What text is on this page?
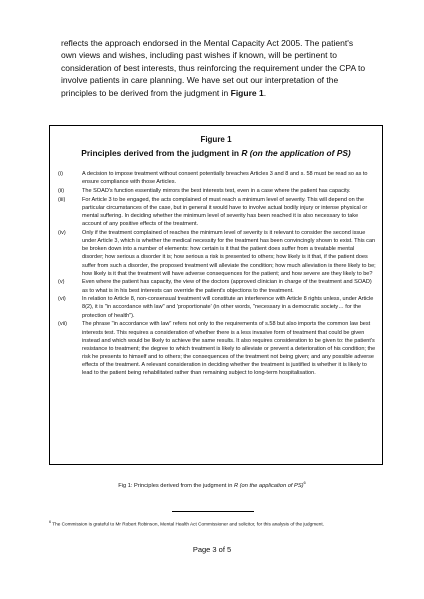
reflects the approach endorsed in the Mental Capacity Act 2005. The patient's
own views and wishes, including past wishes if known, will be pertinent to
consideration of best interests, thus reinforcing the requirement under the CPA to
involve patients in care planning. We have set out our interpretation of the
principles to be derived from the judgment in Figure 1.

Figure 1
Principles derived from the judgment in R (on the application of PS)
(i)	A decision to impose treatment without consent potentially breaches Articles 3 and 8 and s. 58 must be read so as to ensure compliance with those Articles.
(ii)	The SOAD's function essentially mirrors the best interests test, even in a case where the patient has capacity.
(iii)	For Article 3 to be engaged, the acts complained of must reach a minimum level of severity. This will depend on the particular circumstances of the case, but in general it would have to involve actual bodily injury or intense physical or mental suffering. In deciding whether the minimum level of severity has been reached it is also necessary to take account of any positive effects of the treatment.
(iv)	Only if the treatment complained of reaches the minimum level of severity is it relevant to consider the second issue under Article 3, which is whether the medical necessity for the treatment has been convincingly shown to exist. This can be broken down into a number of elements: how certain is it that the patient does suffer from a treatable mental disorder; how serious a disorder it is; how serious a risk is presented to others; how likely is it that, if the patient does suffer from such a disorder, the proposed treatment will alleviate the condition; how much alleviation is there likely to be; how likely is it that the treatment will have adverse consequences for the patient; and how severe are they likely to be?
(v)	Even where the patient has capacity, the view of the doctors (approved clinician in charge of the treatment and SOAD) as to what is in his best interests can override the patient's objections to the treatment.
(vi)	In relation to Article 8, non-consensual treatment will constitute an interference with Article 8 rights unless, under Article 8(2), it is "in accordance with law" and 'proportionate' (in other words, "necessary in a democratic society… for the protection of health").
(vii)	The phrase "in accordance with law" refers not only to the requirements of s.58 but also imports the common law best interests test. This requires a consideration of whether there is a less invasive form of treatment that could be given instead and which would be likely to achieve the same results. It also requires consideration to be given to: the patient's resistance to treatment; the degree to which treatment is likely to alleviate or prevent a deterioration of his condition; the risk he presents to himself and to others; the consequences of the treatment not being given; and any possible adverse effects of the treatment. A relevant consideration in deciding whether the treatment is justified is whether it is likely to lead to the patient being rehabilitated rather than remaining subject to long-term hospitalisation.
Fig 1: Principles derived from the judgment in R (on the application of PS)$^6$

$^6$ The Commission is grateful to Mr Robert Robinson, Mental Health Act Commissioner and solicitor, for this analysis of the judgment.

Page 3 of 5
